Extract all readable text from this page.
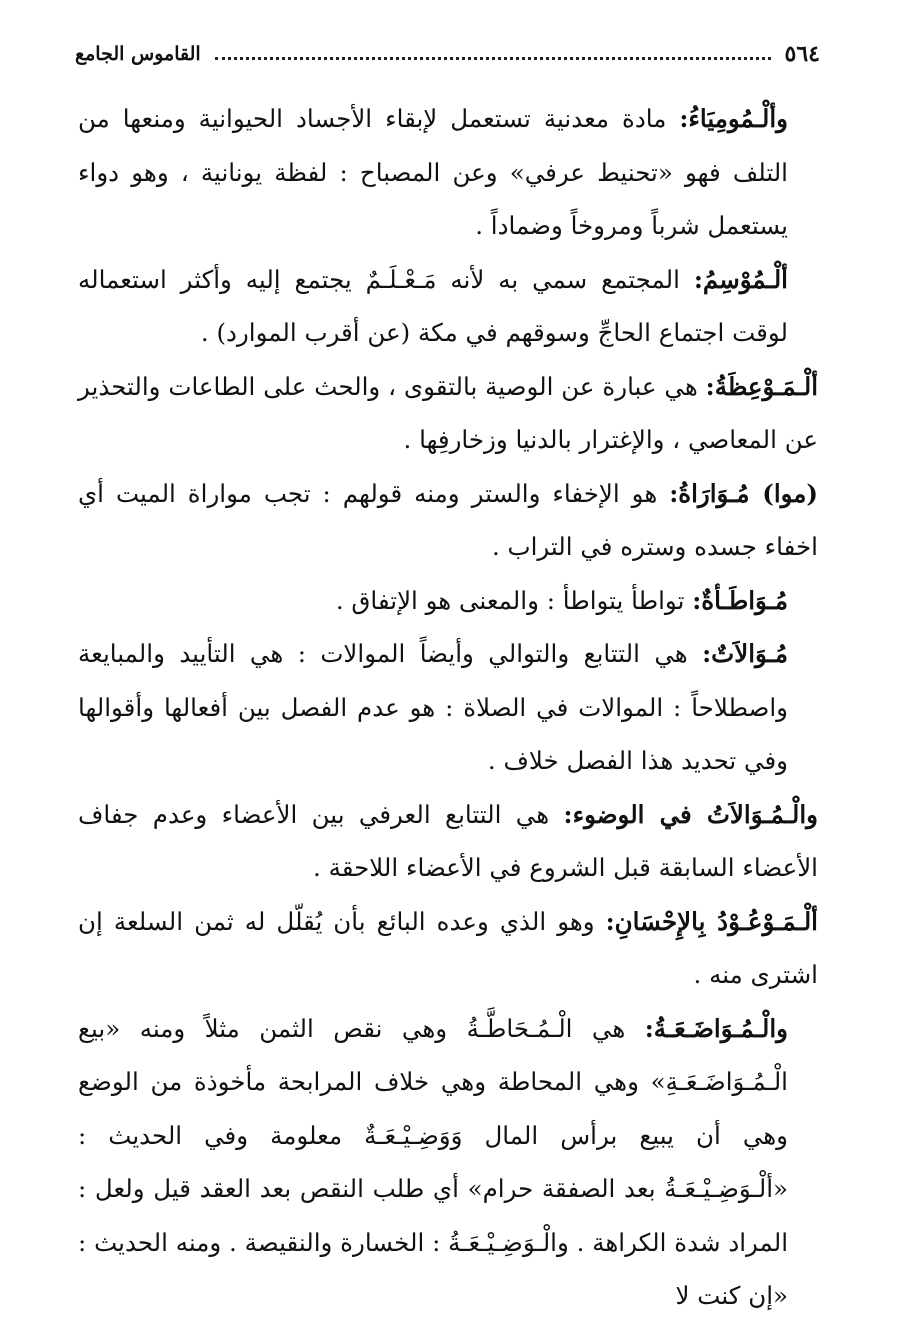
٥٦٤
القاموس الجامع

وألْـمُومِيَاءُ: مادة معدنية تستعمل لإبقاء الأجساد الحيوانية ومنعها من التلف فهو «تحنيط عرفي» وعن المصباح : لفظة يونانية ، وهو دواء يستعمل شرباً ومروخاً وضماداً .

ألْـمُوْسِمُ: المجتمع سمي به لأنه مَـعْـلَـمٌ يجتمع إليه وأكثر استعماله لوقت اجتماع الحاجِّ وسوقهم في مكة (عن أقرب الموارد) .

ألْـمَـوْعِظَةُ: هي عبارة عن الوصية بالتقوى ، والحث على الطاعات والتحذير عن المعاصي ، والإغترار بالدنيا وزخارفِها .

(موا) مُـوَارَاةُ: هو الإخفاء والستر ومنه قولهم : تجب مواراة الميت أي اخفاء جسده وستره في التراب .

مُـوَاطَـأةٌ: تواطأ يتواطأ : والمعنى هو الإتفاق .

مُـوَالاَتٌ: هي التتابع والتوالي وأيضاً الموالات : هي التأييد والمبايعة واصطلاحاً : الموالات في الصلاة : هو عدم الفصل بين أفعالها وأقوالها وفي تحديد هذا الفصل خلاف .

والْـمُـوَالاَتُ في الوضوء: هي التتابع العرفي بين الأعضاء وعدم جفاف الأعضاء السابقة قبل الشروع في الأعضاء اللاحقة .

ألْـمَـوْعُـوْدُ بِالإِحْسَانِ: وهو الذي وعده البائع بأن يُقلّل له ثمن السلعة إن اشترى منه .

والْـمُـوَاضَـعَـةُ: هي الْـمُـحَاطَّـةُ وهي نقص الثمن مثلاً ومنه «بيع الْـمُـوَاضَـعَـةِ» وهي المحاطة وهي خلاف المرابحة مأخوذة من الوضع وهي أن يبيع برأس المال وَوَضِـيْـعَـةٌ معلومة وفي الحديث : «ألْـوَضِـيْـعَـةُ بعد الصفقة حرام» أي طلب النقص بعد العقد قيل ولعل : المراد شدة الكراهة . والْـوَضِـيْـعَـةُ : الخسارة والنقيصة . ومنه الحديث : «إن كنت لا
